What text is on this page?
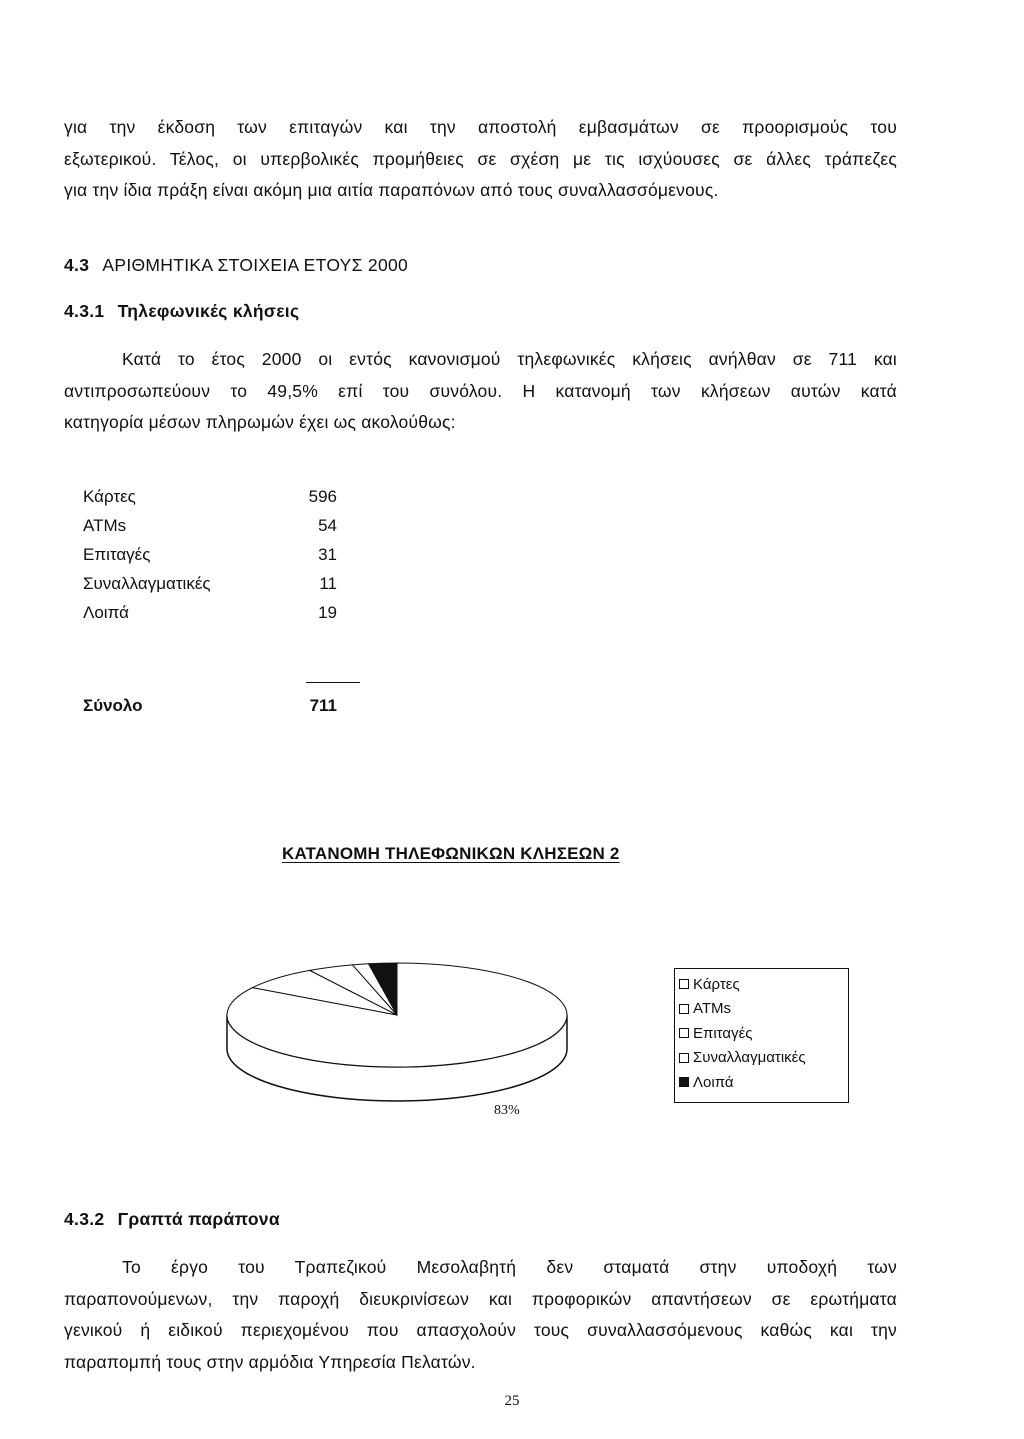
για την έκδοση των επιταγών και την αποστολή εμβασμάτων σε προορισμούς του
εξωτερικού. Τέλος, οι υπερβολικές προμήθειες σε σχέση με τις ισχύουσες σε άλλες τράπεζες
για την ίδια πράξη είναι ακόμη μια αιτία παραπόνων από τους συναλλασσόμενους.
4.3 ΑΡΙΘΜΗΤΙΚΑ ΣΤΟΙΧΕΙΑ ΕΤΟΥΣ 2000
4.3.1 Τηλεφωνικές κλήσεις
Κατά το έτος 2000 οι εντός κανονισμού τηλεφωνικές κλήσεις ανήλθαν σε 711 και
αντιπροσωπεύουν το 49,5% επί του συνόλου. Η κατανομή των κλήσεων αυτών κατά
κατηγορία μέσων πληρωμών έχει ως ακολούθως:
Κάρτες	596
ATMs	54
Επιταγές	31
Συναλλαγματικές	11
Λοιπά	19
Σύνολο	711
ΚΑΤΑΝΟΜΗ ΤΗΛΕΦΩΝΙΚΩΝ ΚΛΗΣΕΩΝ 2
83%
Κάρτες
ATMs
Επιταγές
Συναλλαγματικές
Λοιπά
4.3.2 Γραπτά παράπονα
Το έργο του Τραπεζικού Μεσολαβητή δεν σταματά στην υποδοχή των
παραπονούμενων, την παροχή διευκρινίσεων και προφορικών απαντήσεων σε ερωτήματα
γενικού ή ειδικού περιεχομένου που απασχολούν τους συναλλασσόμενους καθώς και την
παραπομπή τους στην αρμόδια Υπηρεσία Πελατών.
25
